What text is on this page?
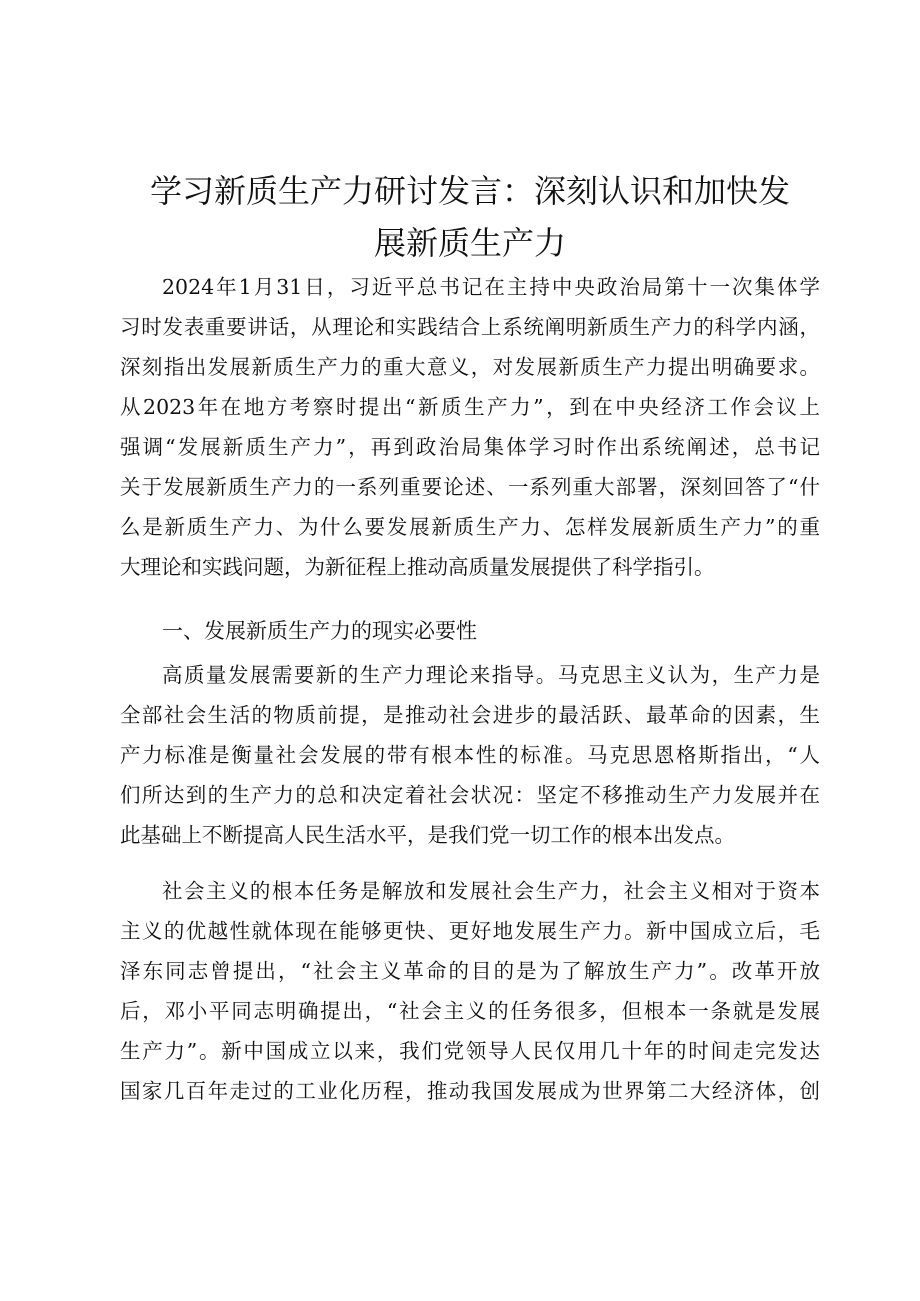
学习新质生产力研讨发言：深刻认识和加快发
展新质生产力
2024年1月31日，习近平总书记在主持中央政治局第十一次集体学
习时发表重要讲话，从理论和实践结合上系统阐明新质生产力的科学内涵，
深刻指出发展新质生产力的重大意义，对发展新质生产力提出明确要求。
从2023年在地方考察时提出“新质生产力”，到在中央经济工作会议上
强调“发展新质生产力”，再到政治局集体学习时作出系统阐述，总书记
关于发展新质生产力的一系列重要论述、一系列重大部署，深刻回答了“什
么是新质生产力、为什么要发展新质生产力、怎样发展新质生产力”的重
大理论和实践问题，为新征程上推动高质量发展提供了科学指引。
一、发展新质生产力的现实必要性
高质量发展需要新的生产力理论来指导。马克思主义认为，生产力是
全部社会生活的物质前提，是推动社会进步的最活跃、最革命的因素，生
产力标准是衡量社会发展的带有根本性的标准。马克思恩格斯指出，“人
们所达到的生产力的总和决定着社会状况：坚定不移推动生产力发展并在
此基础上不断提高人民生活水平，是我们党一切工作的根本出发点。
社会主义的根本任务是解放和发展社会生产力，社会主义相对于资本
主义的优越性就体现在能够更快、更好地发展生产力。新中国成立后，毛
泽东同志曾提出，“社会主义革命的目的是为了解放生产力”。改革开放
后，邓小平同志明确提出，“社会主义的任务很多，但根本一条就是发展
生产力”。新中国成立以来，我们党领导人民仅用几十年的时间走完发达
国家几百年走过的工业化历程，推动我国发展成为世界第二大经济体，创
